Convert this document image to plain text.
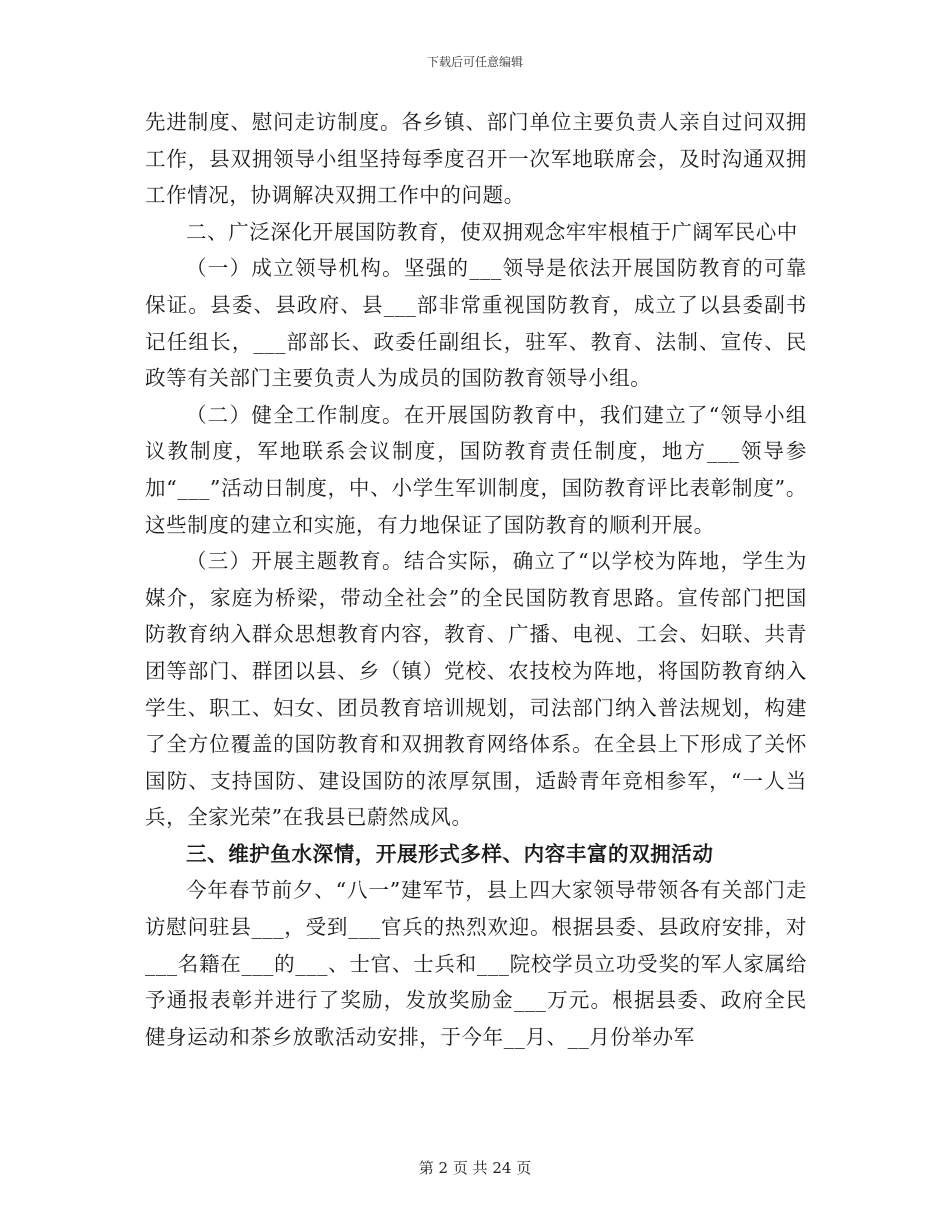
下载后可任意编辑

先进制度、慰问走访制度。各乡镇、部门单位主要负责人亲自过问双拥工作，县双拥领导小组坚持每季度召开一次军地联席会，及时沟通双拥工作情况，协调解决双拥工作中的问题。

二、广泛深化开展国防教育，使双拥观念牢牢根植于广阔军民心中

（一）成立领导机构。坚强的___领导是依法开展国防教育的可靠保证。县委、县政府、县___部非常重视国防教育，成立了以县委副书记任组长，___部部长、政委任副组长，驻军、教育、法制、宣传、民政等有关部门主要负责人为成员的国防教育领导小组。

（二）健全工作制度。在开展国防教育中，我们建立了“领导小组议教制度，军地联系会议制度，国防教育责任制度，地方___领导参加“___”活动日制度，中、小学生军训制度，国防教育评比表彰制度”。这些制度的建立和实施，有力地保证了国防教育的顺利开展。

（三）开展主题教育。结合实际，确立了“以学校为阵地，学生为媒介，家庭为桥梁，带动全社会”的全民国防教育思路。宣传部门把国防教育纳入群众思想教育内容，教育、广播、电视、工会、妇联、共青团等部门、群团以县、乡（镇）党校、农技校为阵地，将国防教育纳入学生、职工、妇女、团员教育培训规划，司法部门纳入普法规划，构建了全方位覆盖的国防教育和双拥教育网络体系。在全县上下形成了关怀国防、支持国防、建设国防的浓厚氛围，适龄青年竞相参军，“一人当兵，全家光荣”在我县已蔚然成风。

三、维护鱼水深情，开展形式多样、内容丰富的双拥活动

今年春节前夕、“八一”建军节，县上四大家领导带领各有关部门走访慰问驻县___，受到___官兵的热烈欢迎。根据县委、县政府安排，对___名籍在___的___、士官、士兵和___院校学员立功受奖的军人家属给予通报表彰并进行了奖励，发放奖励金___万元。根据县委、政府全民健身运动和茶乡放歌活动安排，于今年__月、__月份举办军

第 2 页 共 24 页
